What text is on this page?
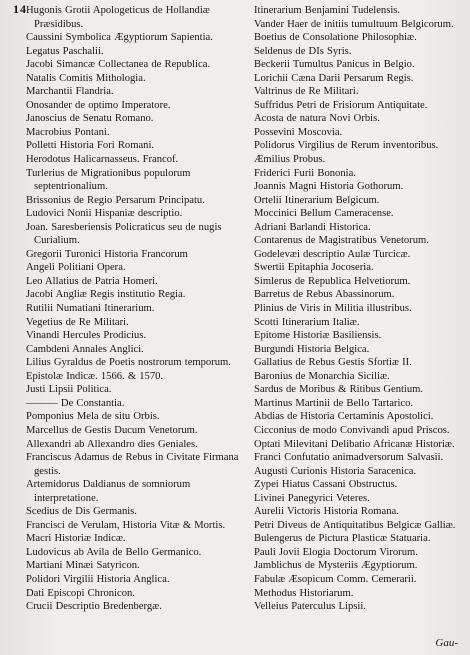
14 Hugonis Grotii Apologeticus de Hollandiæ Præsidibus.
Caussini Symbolica Ægyptiorum Sapientia.
Legatus Paschalii.
Jacobi Simancæ Collectanea de Republica.
Natalis Comitis Mithologia.
Marchantii Flandria.
Onosander de optimo Imperatore.
Janoscius de Senatu Romano.
Macrobius Pontani.
Polletti Historia Fori Romani.
Herodotus Halicarnasseus. Francof.
Turlerius de Migrationibus populorum septentrionalium.
Brissonius de Regio Persarum Principatu.
Ludovici Nonii Hispaniæ descriptio.
Joan. Saresberiensis Policraticus seu de nugis Curialium.
Gregorii Turonici Historia Francorum
Angeli Politiani Opera.
Leo Allatius de Patria Homeri.
Jacobi Angliæ Regis institutio Regia.
Rutilii Numatiani Itinerarium.
Vegetius de Re Militari.
Vinandi Hercules Prodicius.
Cambdeni Annales Anglici.
Lilius Gyraldus de Poetis nostrorum temporum.
Epistolæ Indicæ. 1566. & 1570.
Justi Lipsii Politica.
——— De Constantia.
Pomponius Mela de situ Orbis.
Marcellus de Gestis Ducum Venetorum.
Allexandri ab Allexandro dies Geniales.
Franciscus Adamus de Rebus in Civitate Firmana gestis.
Artemidorus Daldianus de somniorum interpretatione.
Scedius de Dis Germanis.
Francisci de Verulam, Historia Vitæ & Mortis.
Macri Historiæ Indicæ.
Ludovicus ab Avila de Bello Germanico.
Martiani Minæi Satyricon.
Polidori Virgilii Historia Anglica.
Dati Episcopi Chronicon.
Crucii Descriptio Bredenbergæ.
Itinerarium Benjamini Tudelensis.
Vander Haer de initiis tumultuum Belgicorum.
Boetius de Consolatione Philosophiæ.
Seldenus de DIs Syris.
Beckerii Tumultus Panicus in Belgio.
Lorichii Cæna Darii Persarum Regis.
Valtrinus de Re Militari.
Suffridus Petri de Frisiorum Antiquitate.
Acosta de natura Novi Orbis.
Possevini Moscovia.
Polidorus Virgilius de Rerum inventoribus.
Æmilius Probus.
Friderici Furii Bononia.
Joannis Magni Historia Gothorum.
Ortelii Itinerarium Belgicum.
Moccinici Bellum Cameracense.
Adriani Barlandi Historica.
Contarenus de Magistratibus Venetorum.
Godelevæi descriptio Aulæ Turcicæ.
Swertii Epitaphia Jocoseria.
Simlerus de Republica Helvetiorum.
Barretus de Rebus Abassinorum.
Plinius de Viris in Militia illustribus.
Scotti Itinerarium Italiæ.
Epitome Historiæ Basiliensis.
Burgundi Historia Belgica.
Gallatius de Rebus Gestis Sfortiæ II.
Baronius de Monarchia Siciliæ.
Sardus de Moribus & Ritibus Gentium.
Martinus Martinii de Bello Tartarico.
Abdias de Historia Certaminis Apostolici.
Cicconius de modo Convivandi apud Priscos.
Optati Milevitani Delibatio Africanæ Historiæ.
Franci Confutatio animadversorum Salvasii.
Augusti Curionis Historia Saracenica.
Zypei Hiatus Cassani Obstructus.
Livinei Panegyrici Veteres.
Aurelii Victoris Historia Romana.
Petri Diveus de Antiquitatibus Belgicæ Galliæ.
Bulengerus de Pictura Plasticæ Statuaria.
Pauli Jovii Elogia Doctorum Virorum.
Jamblichus de Mysteriis Ægyptiorum.
Fabulæ Æsopicum Comm. Cemerarii.
Methodus Historiarum.
Velleius Paterculus Lipsii.
Gau-
